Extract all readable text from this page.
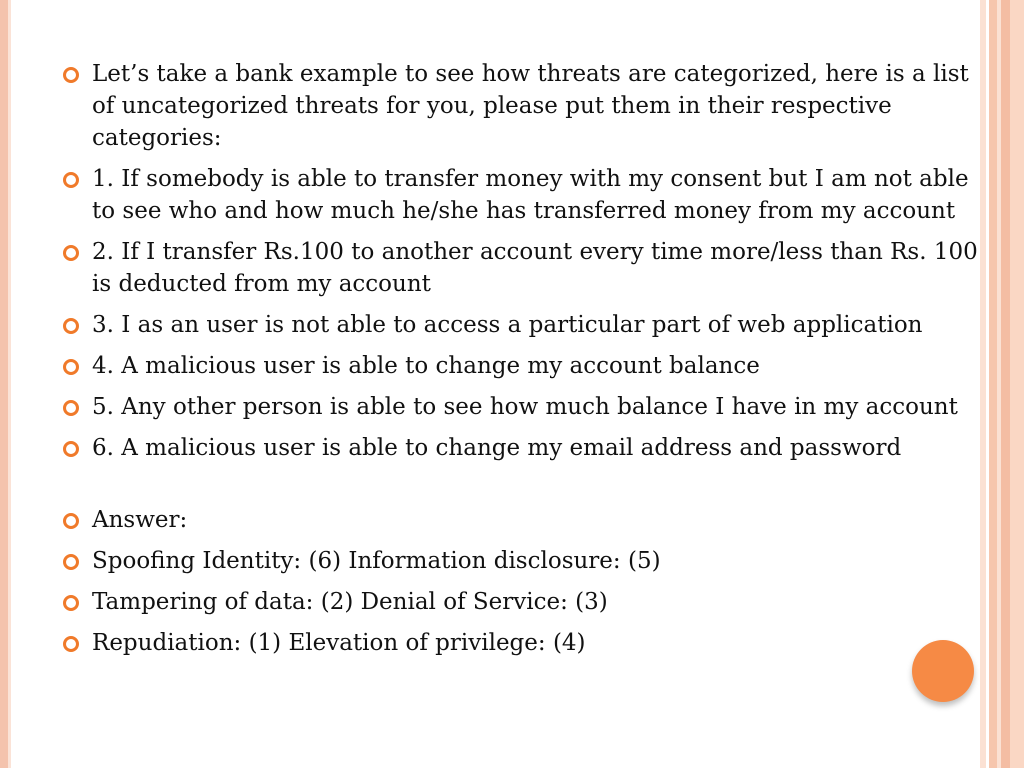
Let’s take a bank example to see how threats are categorized, here is a list of uncategorized threats for you, please put them in their respective categories:
1. If somebody is able to transfer money with my consent but I am not able to see who and how much he/she has transferred money from my account
2. If I transfer Rs.100 to another account every time more/less than Rs. 100 is deducted from my account
3. I as an user is not able to access a particular part of web application
4. A malicious user is able to change my account balance
5. Any other person is able to see how much balance I have in my account
6. A malicious user is able to change my email address and password
Answer:
Spoofing Identity: (6) Information disclosure: (5)
Tampering of data: (2) Denial of Service: (3)
Repudiation: (1) Elevation of privilege: (4)
